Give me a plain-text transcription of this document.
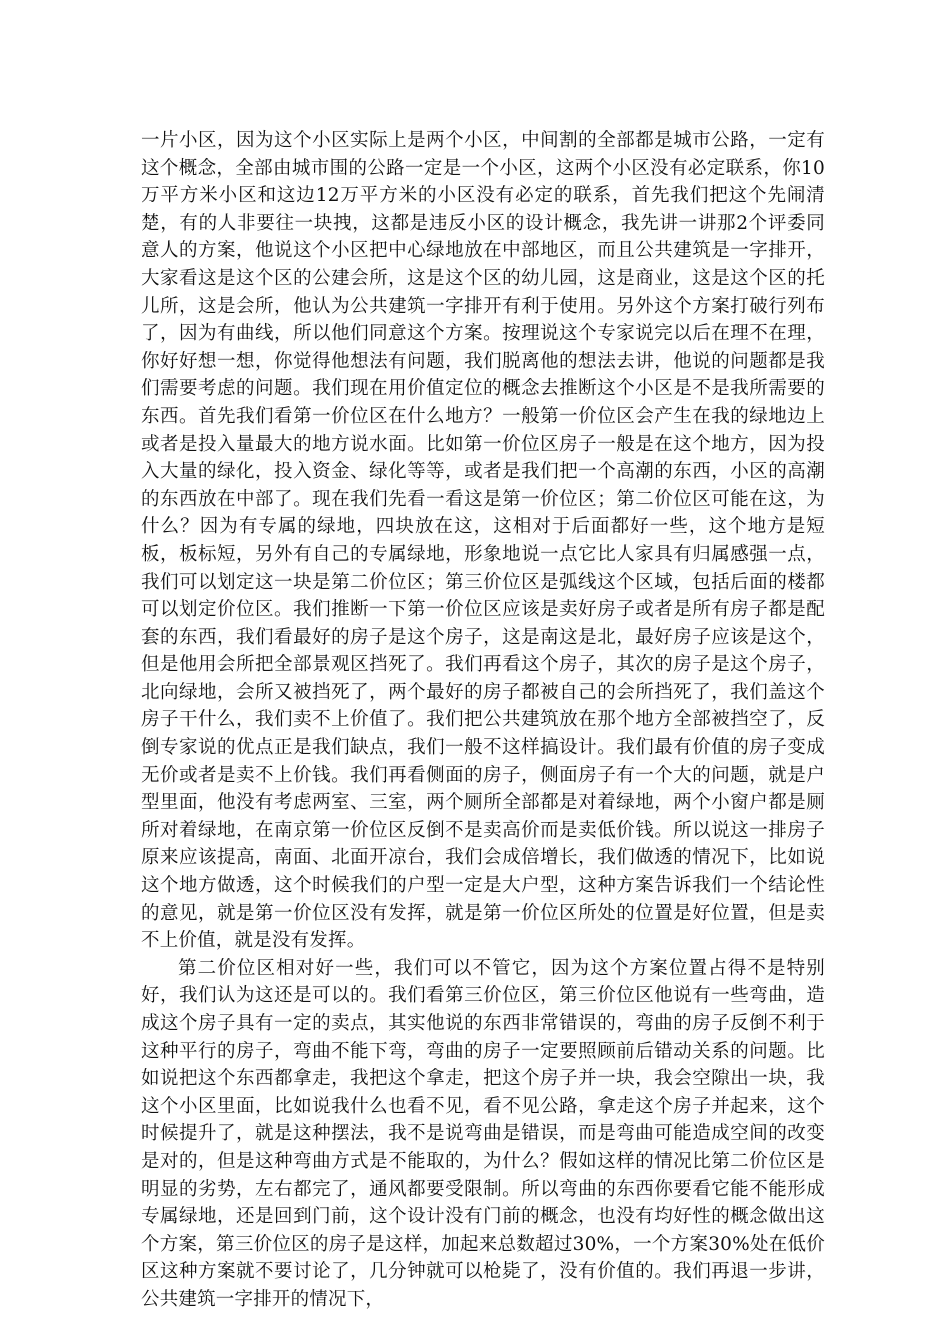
一片小区，因为这个小区实际上是两个小区，中间割的全部都是城市公路，一定有这个概念，全部由城市围的公路一定是一个小区，这两个小区没有必定联系，你10万平方米小区和这边12万平方米的小区没有必定的联系，首先我们把这个先闹清楚，有的人非要往一块拽，这都是违反小区的设计概念，我先讲一讲那2个评委同意人的方案，他说这个小区把中心绿地放在中部地区，而且公共建筑是一字排开，大家看这是这个区的公建会所，这是这个区的幼儿园，这是商业，这是这个区的托儿所，这是会所，他认为公共建筑一字排开有利于使用。另外这个方案打破行列布了，因为有曲线，所以他们同意这个方案。按理说这个专家说完以后在理不在理，你好好想一想，你觉得他想法有问题，我们脱离他的想法去讲，他说的问题都是我们需要考虑的问题。我们现在用价值定位的概念去推断这个小区是不是我所需要的东西。首先我们看第一价位区在什么地方？一般第一价位区会产生在我的绿地边上或者是投入量最大的地方说水面。比如第一价位区房子一般是在这个地方，因为投入大量的绿化，投入资金、绿化等等，或者是我们把一个高潮的东西，小区的高潮的东西放在中部了。现在我们先看一看这是第一价位区；第二价位区可能在这，为什么？因为有专属的绿地，四块放在这，这相对于后面都好一些，这个地方是短板，板标短，另外有自己的专属绿地，形象地说一点它比人家具有归属感强一点，我们可以划定这一块是第二价位区；第三价位区是弧线这个区域，包括后面的楼都可以划定价位区。我们推断一下第一价位区应该是卖好房子或者是所有房子都是配套的东西，我们看最好的房子是这个房子，这是南这是北，最好房子应该是这个，但是他用会所把全部景观区挡死了。我们再看这个房子，其次的房子是这个房子，北向绿地，会所又被挡死了，两个最好的房子都被自己的会所挡死了，我们盖这个房子干什么，我们卖不上价值了。我们把公共建筑放在那个地方全部被挡空了，反倒专家说的优点正是我们缺点，我们一般不这样搞设计。我们最有价值的房子变成无价或者是卖不上价钱。我们再看侧面的房子，侧面房子有一个大的问题，就是户型里面，他没有考虑两室、三室，两个厕所全部都是对着绿地，两个小窗户都是厕所对着绿地，在南京第一价位区反倒不是卖高价而是卖低价钱。所以说这一排房子原来应该提高，南面、北面开凉台，我们会成倍增长，我们做透的情况下，比如说这个地方做透，这个时候我们的户型一定是大户型，这种方案告诉我们一个结论性的意见，就是第一价位区没有发挥，就是第一价位区所处的位置是好位置，但是卖不上价值，就是没有发挥。

第二价位区相对好一些，我们可以不管它，因为这个方案位置占得不是特别好，我们认为这还是可以的。我们看第三价位区，第三价位区他说有一些弯曲，造成这个房子具有一定的卖点，其实他说的东西非常错误的，弯曲的房子反倒不利于这种平行的房子，弯曲不能下弯，弯曲的房子一定要照顾前后错动关系的问题。比如说把这个东西都拿走，我把这个拿走，把这个房子并一块，我会空隙出一块，我这个小区里面，比如说我什么也看不见，看不见公路，拿走这个房子并起来，这个时候提升了，就是这种摆法，我不是说弯曲是错误，而是弯曲可能造成空间的改变是对的，但是这种弯曲方式是不能取的，为什么？假如这样的情况比第二价位区是明显的劣势，左右都完了，通风都要受限制。所以弯曲的东西你要看它能不能形成专属绿地，还是回到门前，这个设计没有门前的概念，也没有均好性的概念做出这个方案，第三价位区的房子是这样，加起来总数超过30%，一个方案30%处在低价区这种方案就不要讨论了，几分钟就可以枪毙了，没有价值的。我们再退一步讲，公共建筑一字排开的情况下，
